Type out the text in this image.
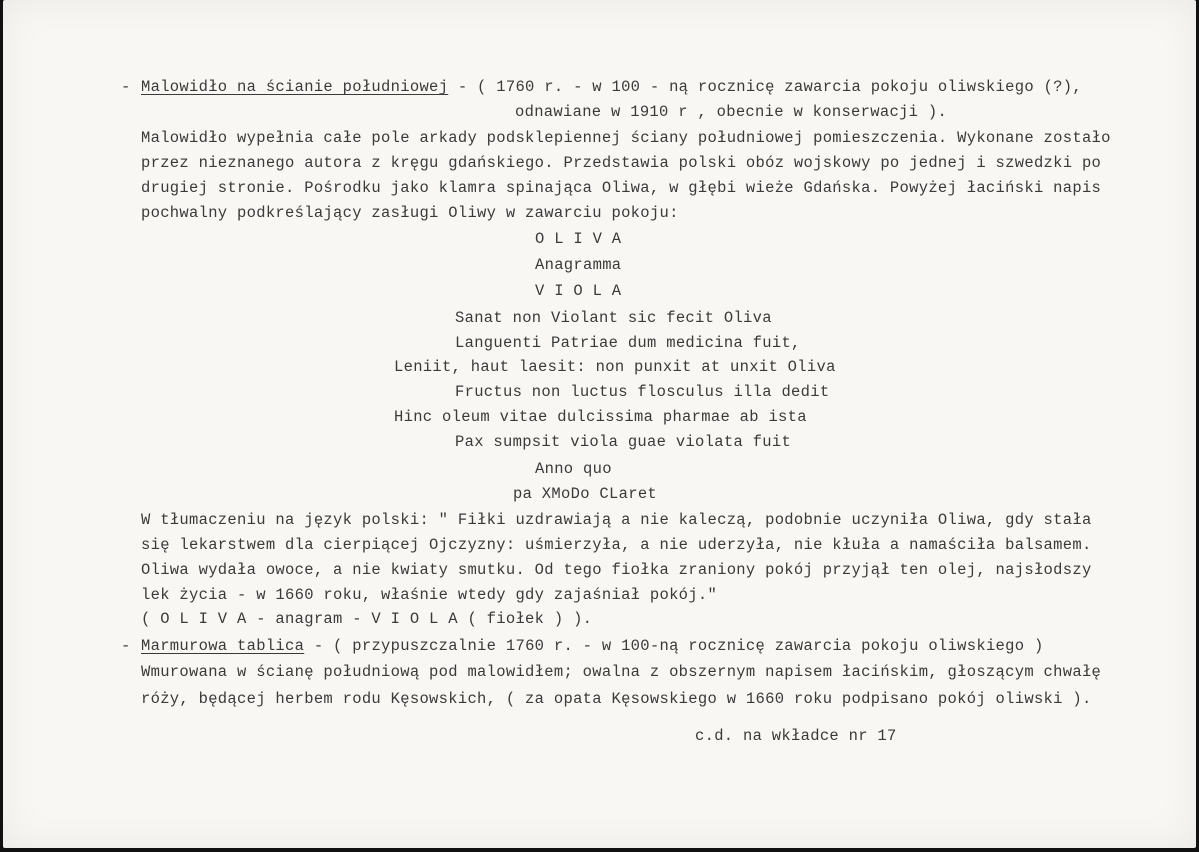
- Malowidło na ścianie południowej - ( 1760 r. - w 100 - ną rocznicę zawarcia pokoju oliwskiego (?),
odnawiane w 1910 r , obecnie w konserwacji ).
Malowidło wypełnia całe pole arkady podsklepiennej ściany południowej pomieszczenia. Wykonane zostało
przez nieznanego autora z kręgu gdańskiego. Przedstawia polski obóz wojskowy po jednej i szwedzki po
drugiej stronie. Pośrodku jako klamra spinająca Oliwa, w głębi wieże Gdańska. Powyżej łaciński napis
pochwalny podkreślający zasługi Oliwy w zawarciu pokoju:
O L I V A
Anagramma
V I O L A
Sanat non Violant sic fecit Oliva
Languenti Patriae dum medicina fuit,
Leniit, haut laesit: non punxit at unxit Oliva
Fructus non luctus flosculus illa dedit
Hinc oleum vitae dulcissima pharmae ab ista
Pax sumpsit viola guae violata fuit
Anno quo
pa XMoDo CLaret
W tłumaczeniu na język polski: " Fiłki uzdrawiają a nie kaleczą, podobnie uczyniła Oliwa, gdy stała
się lekarstwem dla cierpiącej Ojczyzny: uśmierzyła, a nie uderzyła, nie kłuła a namaściła balsamem.
Oliwa wydała owoce, a nie kwiaty smutku. Od tego fiołka zraniony pokój przyjął ten olej, najsłodszy
lek życia - w 1660 roku, właśnie wtedy gdy zajaśniał pokój."
( O L I V A - anagram - V I O L A ( fiołek ) ).
- Marmurowa tablica - ( przypuszczalnie 1760 r. - w 100-ną rocznicę zawarcia pokoju oliwskiego )
Wmurowana w ścianę południową pod malowidłem; owalna z obszernym napisem łacińskim, głoszącym chwałę
róży, będącej herbem rodu Kęsowskich, ( za opata Kęsowskiego w 1660 roku podpisano pokój oliwski ).
c.d. na wkładce nr 17
